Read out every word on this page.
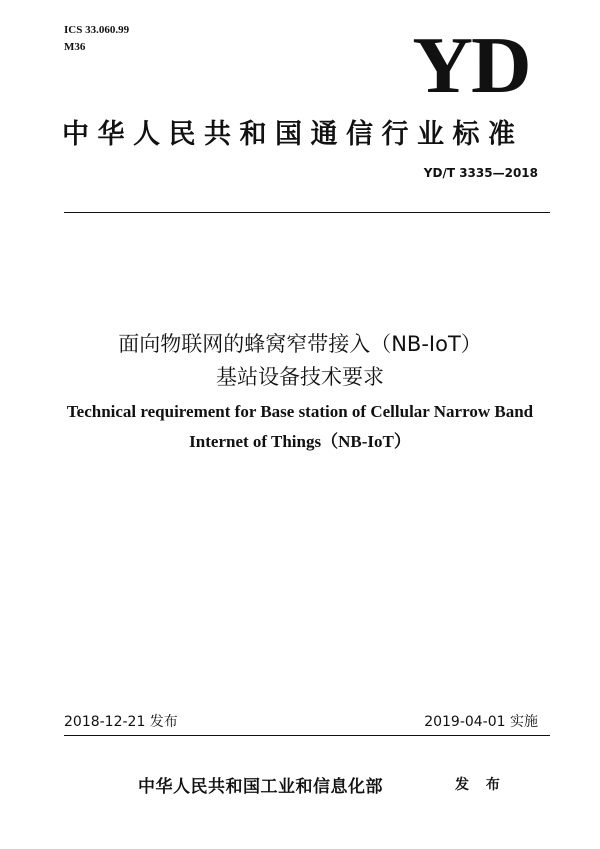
ICS 33.060.99
M36	YD
中华人民共和国通信行业标准
YD/T 3335—2018
面向物联网的蜂窝窄带接入（NB-IoT）
基站设备技术要求
Technical requirement for Base station of Cellular Narrow Band
Internet of Things（NB-IoT）
2018-12-21 发布	2019-04-01 实施
中华人民共和国工业和信息化部	发 布
